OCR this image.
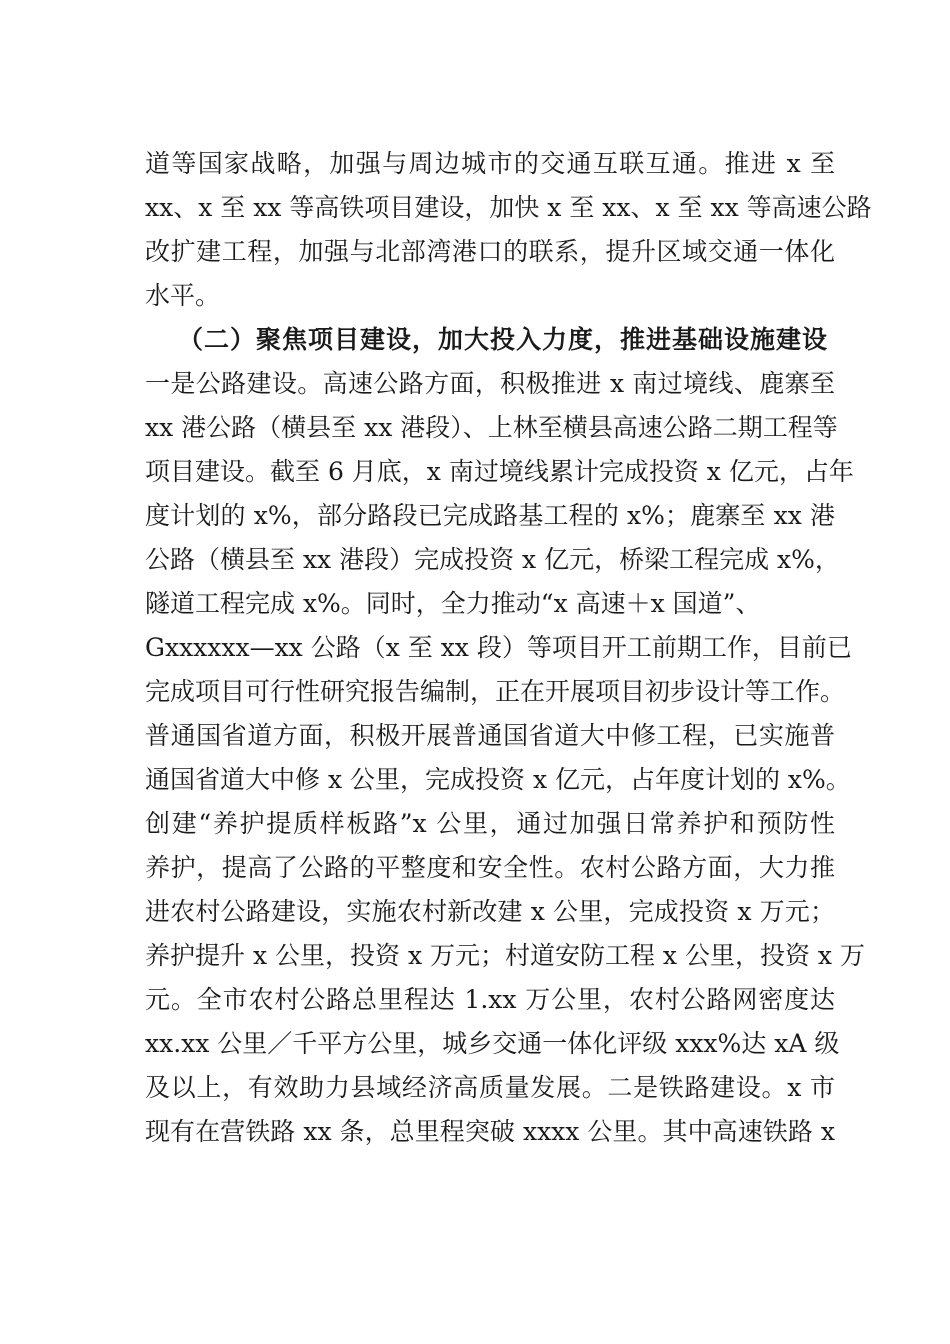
道等国家战略，加强与周边城市的交通互联互通。推进 x 至
xx、x 至 xx 等高铁项目建设，加快 x 至 xx、x 至 xx 等高速公路
改扩建工程，加强与北部湾港口的联系，提升区域交通一体化
水平。
（二）聚焦项目建设，加大投入力度，推进基础设施建设
一是公路建设。高速公路方面，积极推进 x 南过境线、鹿寨至
xx 港公路（横县至 xx 港段）、上林至横县高速公路二期工程等
项目建设。截至 6 月底，x 南过境线累计完成投资 x 亿元，占年
度计划的 x%，部分路段已完成路基工程的 x%；鹿寨至 xx 港
公路（横县至 xx 港段）完成投资 x 亿元，桥梁工程完成 x%，
隧道工程完成 x%。同时，全力推动“x 高速＋x 国道”、
Gxxxxxx—xx 公路（x 至 xx 段）等项目开工前期工作，目前已
完成项目可行性研究报告编制，正在开展项目初步设计等工作。
普通国省道方面，积极开展普通国省道大中修工程，已实施普
通国省道大中修 x 公里，完成投资 x 亿元，占年度计划的 x%。
创建“养护提质样板路”x 公里，通过加强日常养护和预防性
养护，提高了公路的平整度和安全性。农村公路方面，大力推
进农村公路建设，实施农村新改建 x 公里，完成投资 x 万元；
养护提升 x 公里，投资 x 万元；村道安防工程 x 公里，投资 x 万
元。全市农村公路总里程达 1.xx 万公里，农村公路网密度达
xx.xx 公里／千平方公里，城乡交通一体化评级 xxx%达 xA 级
及以上，有效助力县域经济高质量发展。二是铁路建设。x 市
现有在营铁路 xx 条，总里程突破 xxxx 公里。其中高速铁路 x
